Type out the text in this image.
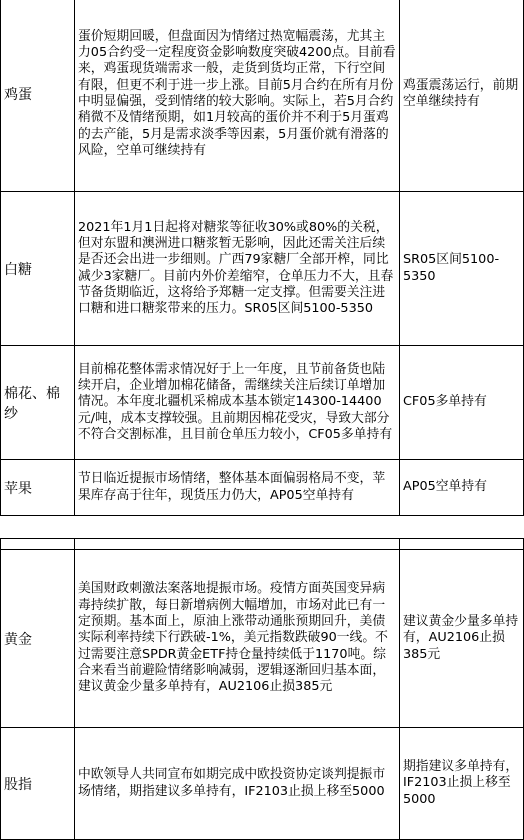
鸡蛋	蛋价短期回暖，但盘面因为情绪过热宽幅震荡，尤其主力05合约受一定程度资金影响数度突破4200点。目前看来，鸡蛋现货端需求一般，走货到货均正常，下行空间有限，但更不利于进一步上涨。目前5月合约在所有月份中明显偏强，受到情绪的较大影响。实际上，若5月合约稍微不及情绪预期，如1月较高的蛋价并不利于5月蛋鸡的去产能，5月是需求淡季等因素，5月蛋价就有滑落的风险，空单可继续持有	鸡蛋震荡运行，前期空单继续持有
白糖	2021年1月1日起将对糖浆等征收30%或80%的关税，但对东盟和澳洲进口糖浆暂无影响，因此还需关注后续是否还会出进一步细则。广西79家糖厂全部开榨，同比减少3家糖厂。目前内外价差缩窄，仓单压力不大，且春节备货期临近，这将给予郑糖一定支撑。但需要关注进口糖和进口糖浆带来的压力。SR05区间5100-5350	SR05区间5100-5350
棉花、棉纱	目前棉花整体需求情况好于上一年度，且节前备货也陆续开启，企业增加棉花储备，需继续关注后续订单增加情况。本年度北疆机采棉成本基本锁定14300-14400元/吨，成本支撑较强。且前期因棉花受灾，导致大部分不符合交割标准，且目前仓单压力较小，CF05多单持有	CF05多单持有
苹果	节日临近提振市场情绪，整体基本面偏弱格局不变，苹果库存高于往年，现货压力仍大，AP05空单持有	AP05空单持有

黄金	美国财政刺激法案落地提振市场。疫情方面英国变异病毒持续扩散，每日新增病例大幅增加，市场对此已有一定预期。基本面上，原油上涨带动通胀预期回升，美债实际利率持续下行跌破-1%，美元指数跌破90一线。不过需要注意SPDR黄金ETF持仓量持续低于1170吨。综合来看当前避险情绪影响减弱，逻辑逐渐回归基本面，建议黄金少量多单持有，AU2106止损385元	建议黄金少量多单持有，AU2106止损385元
股指	中欧领导人共同宣布如期完成中欧投资协定谈判提振市场情绪，期指建议多单持有，IF2103止损上移至5000	期指建议多单持有，IF2103止损上移至5000
